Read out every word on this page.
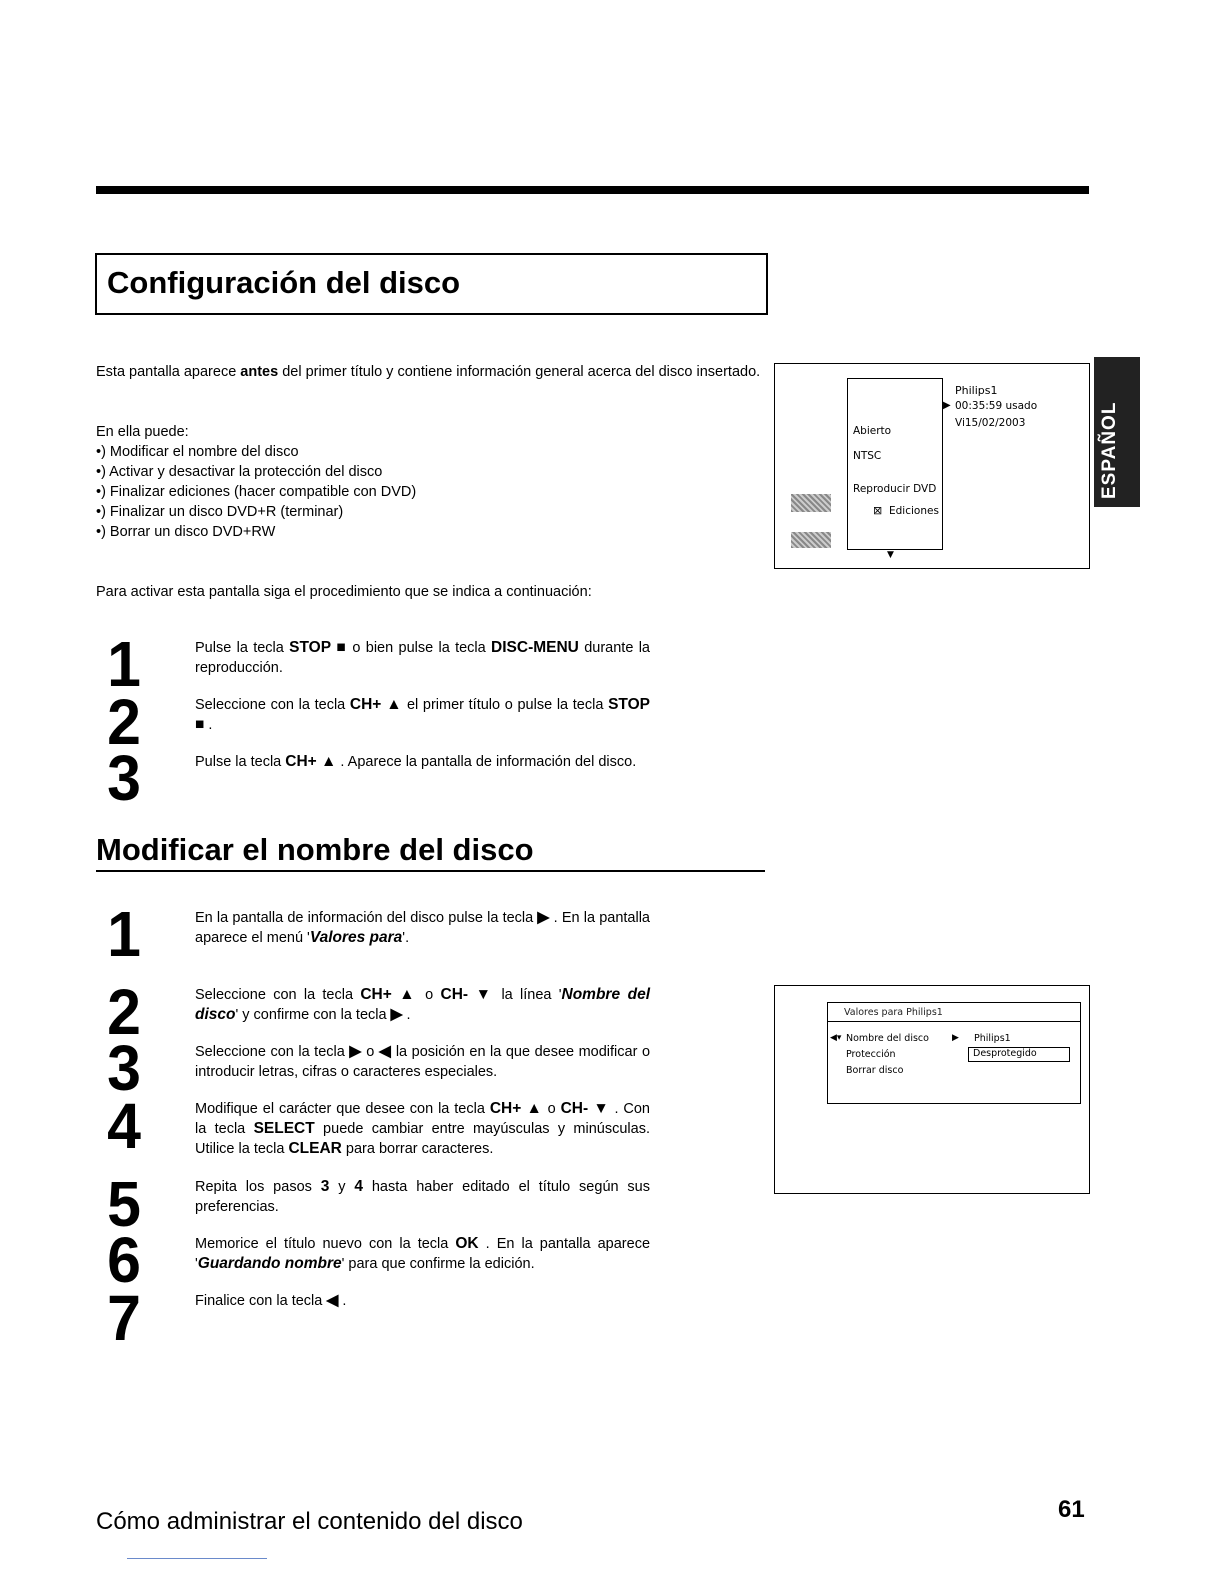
Configuración del disco
Esta pantalla aparece antes del primer título y contiene información general acerca del disco insertado.
En ella puede:
•) Modificar el nombre del disco
•) Activar y desactivar la protección del disco
•) Finalizar ediciones (hacer compatible con DVD)
•) Finalizar un disco DVD+R (terminar)
•) Borrar un disco DVD+RW
Para activar esta pantalla siga el procedimiento que se indica a continuación:
1	Pulse la tecla STOP ■ o bien pulse la tecla DISC-MENU durante la reproducción.
2	Seleccione con la tecla CH+ ▲ el primer título o pulse la tecla STOP ■ .
3	Pulse la tecla CH+ ▲ . Aparece la pantalla de información del disco.
Philips1
▶ 00:35:59 usado
Vi15/02/2003
Abierto
NTSC
Reproducir DVD
⊠ Ediciones
▼
ESPAÑOL
Modificar el nombre del disco
1	En la pantalla de información del disco pulse la tecla ▶ . En la pantalla aparece el menú 'Valores para'.
2	Seleccione con la tecla CH+ ▲ o CH- ▼ la línea 'Nombre del disco' y confirme con la tecla ▶ .
3	Seleccione con la tecla ▶ o ◀ la posición en la que desee modificar o introducir letras, cifras o caracteres especiales.
4	Modifique el carácter que desee con la tecla CH+ ▲ o CH- ▼ . Con la tecla SELECT puede cambiar entre mayúsculas y minúsculas. Utilice la tecla CLEAR para borrar caracteres.
5	Repita los pasos 3 y 4 hasta haber editado el título según sus preferencias.
6	Memorice el título nuevo con la tecla OK . En la pantalla aparece 'Guardando nombre' para que confirme la edición.
7	Finalice con la tecla ◀ .
Valores para Philips1
◀▾ Nombre del disco	▶ Philips1
Protección	Desprotegido
Borrar disco
Cómo administrar el contenido del disco	61
